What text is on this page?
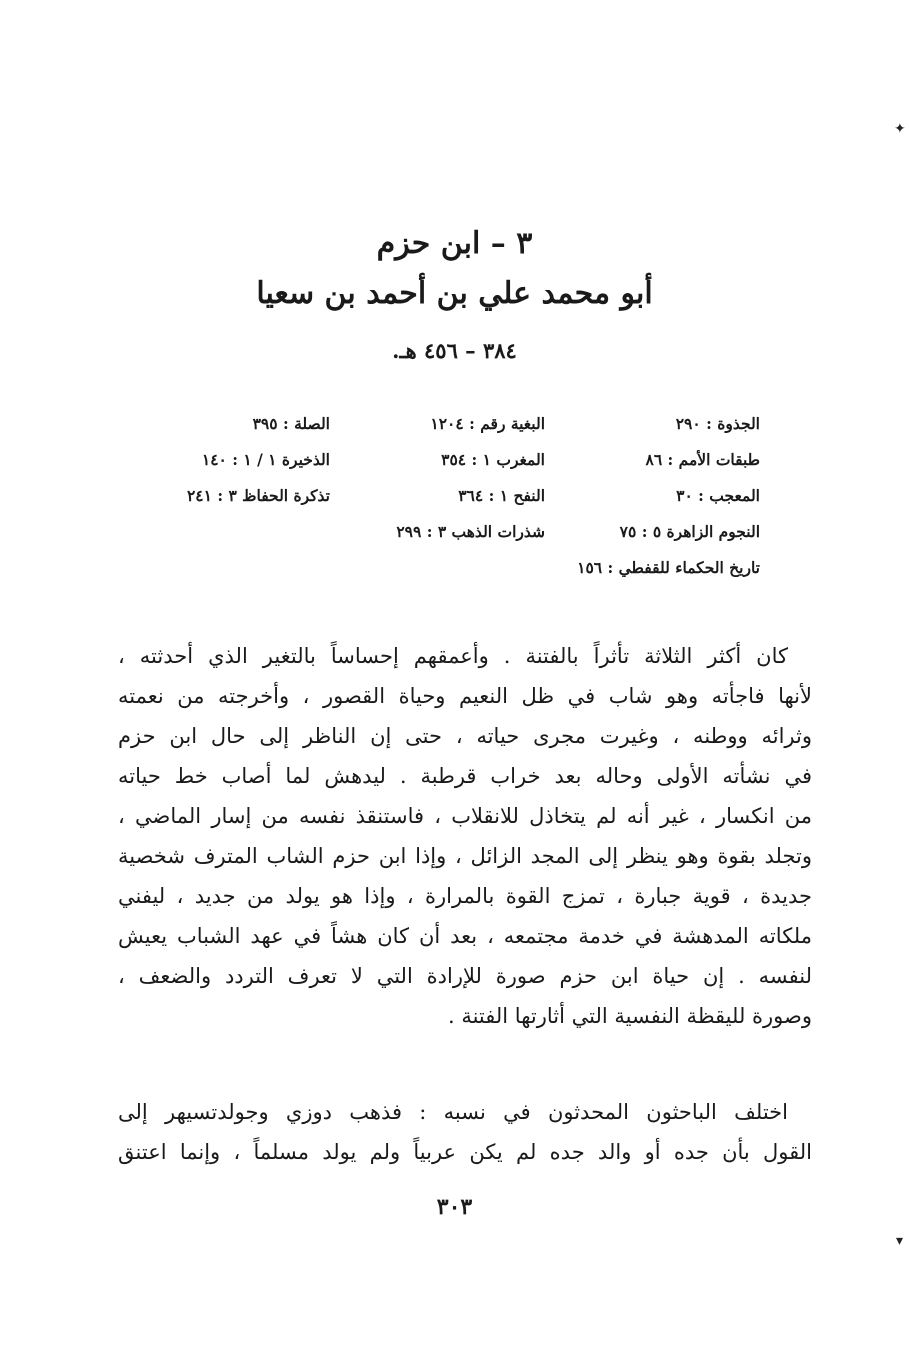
✦
▾
٣ – ابن حزم
أبو محمد علي بن أحمد بن سعيا
٣٨٤ – ٤٥٦ هـ.
الجذوة : ٢٩٠
البغية رقم : ١٢٠٤
الصلة : ٣٩٥
طبقات الأمم : ٨٦
المغرب ١ : ٣٥٤
الذخيرة ١ / ١ : ١٤٠
المعجب : ٣٠
النفح ١ : ٣٦٤
تذكرة الحفاظ ٣ : ٢٤١
النجوم الزاهرة ٥ : ٧٥
شذرات الذهب ٣ : ٢٩٩
تاريخ الحكماء للقفطي : ١٥٦
كان أكثر الثلاثة تأثراً بالفتنة . وأعمقهم إحساساً بالتغير الذي أحدثته ،
لأنها فاجأته وهو شاب في ظل النعيم وحياة القصور ، وأخرجته من نعمته
وثرائه ووطنه ، وغيرت مجرى حياته ، حتى إن الناظر إلى حال ابن حزم
في نشأته الأولى وحاله بعد خراب قرطبة . ليدهش لما أصاب خط حياته
من انكسار ، غير أنه لم يتخاذل للانقلاب ، فاستنقذ نفسه من إسار الماضي ،
وتجلد بقوة وهو ينظر إلى المجد الزائل ، وإذا ابن حزم الشاب المترف شخصية
جديدة ، قوية جبارة ، تمزج القوة بالمرارة ، وإذا هو يولد من جديد ، ليفني
ملكاته المدهشة في خدمة مجتمعه ، بعد أن كان هشاً في عهد الشباب يعيش
لنفسه . إن حياة ابن حزم صورة للإرادة التي لا تعرف التردد والضعف ،
وصورة لليقظة النفسية التي أثارتها الفتنة .
اختلف الباحثون المحدثون في نسبه : فذهب دوزي وجولدتسيهر إلى
القول بأن جده أو والد جده لم يكن عربياً ولم يولد مسلماً ، وإنما اعتنق
٣٠٣
